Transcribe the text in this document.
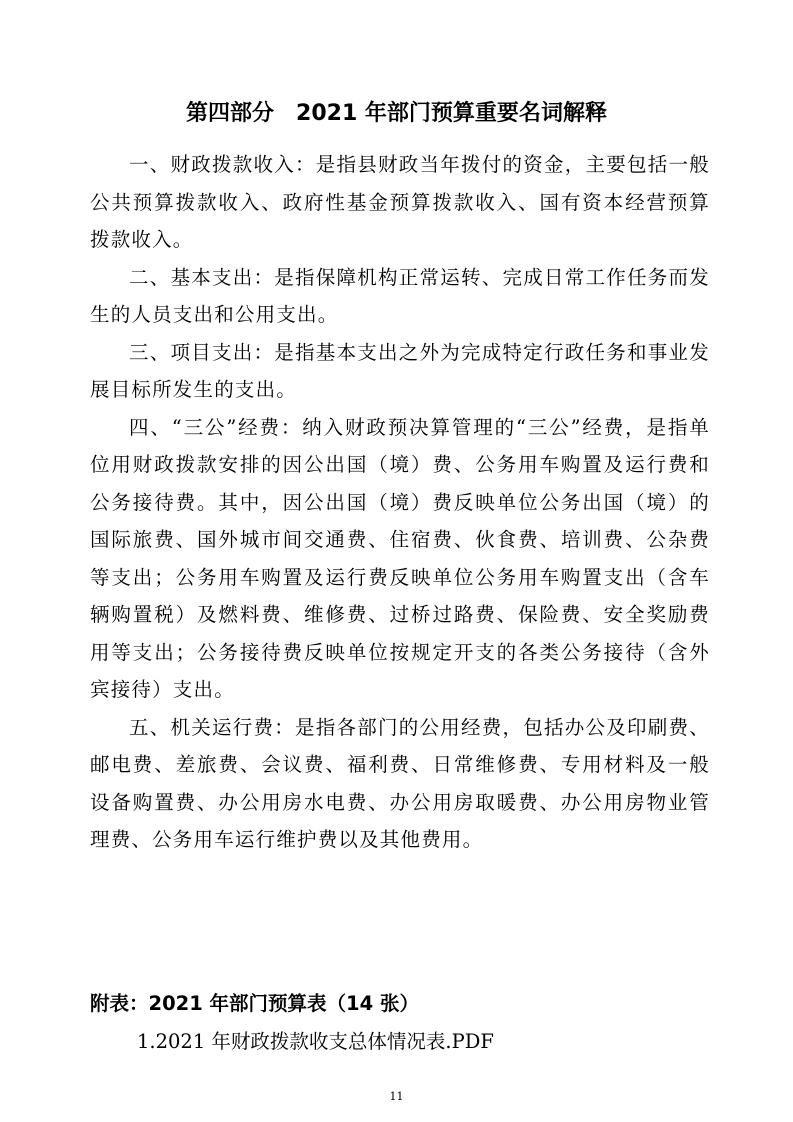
第四部分　2021 年部门预算重要名词解释

一、财政拨款收入：是指县财政当年拨付的资金，主要包括一般公共预算拨款收入、政府性基金预算拨款收入、国有资本经营预算拨款收入。

二、基本支出：是指保障机构正常运转、完成日常工作任务而发生的人员支出和公用支出。

三、项目支出：是指基本支出之外为完成特定行政任务和事业发展目标所发生的支出。

四、“三公”经费：纳入财政预决算管理的“三公”经费，是指单位用财政拨款安排的因公出国（境）费、公务用车购置及运行费和公务接待费。其中，因公出国（境）费反映单位公务出国（境）的国际旅费、国外城市间交通费、住宿费、伙食费、培训费、公杂费等支出；公务用车购置及运行费反映单位公务用车购置支出（含车辆购置税）及燃料费、维修费、过桥过路费、保险费、安全奖励费用等支出；公务接待费反映单位按规定开支的各类公务接待（含外宾接待）支出。

五、机关运行费：是指各部门的公用经费，包括办公及印刷费、邮电费、差旅费、会议费、福利费、日常维修费、专用材料及一般设备购置费、办公用房水电费、办公用房取暖费、办公用房物业管理费、公务用车运行维护费以及其他费用。

附表：2021 年部门预算表（14 张）
1.2021 年财政拨款收支总体情况表.PDF
11
